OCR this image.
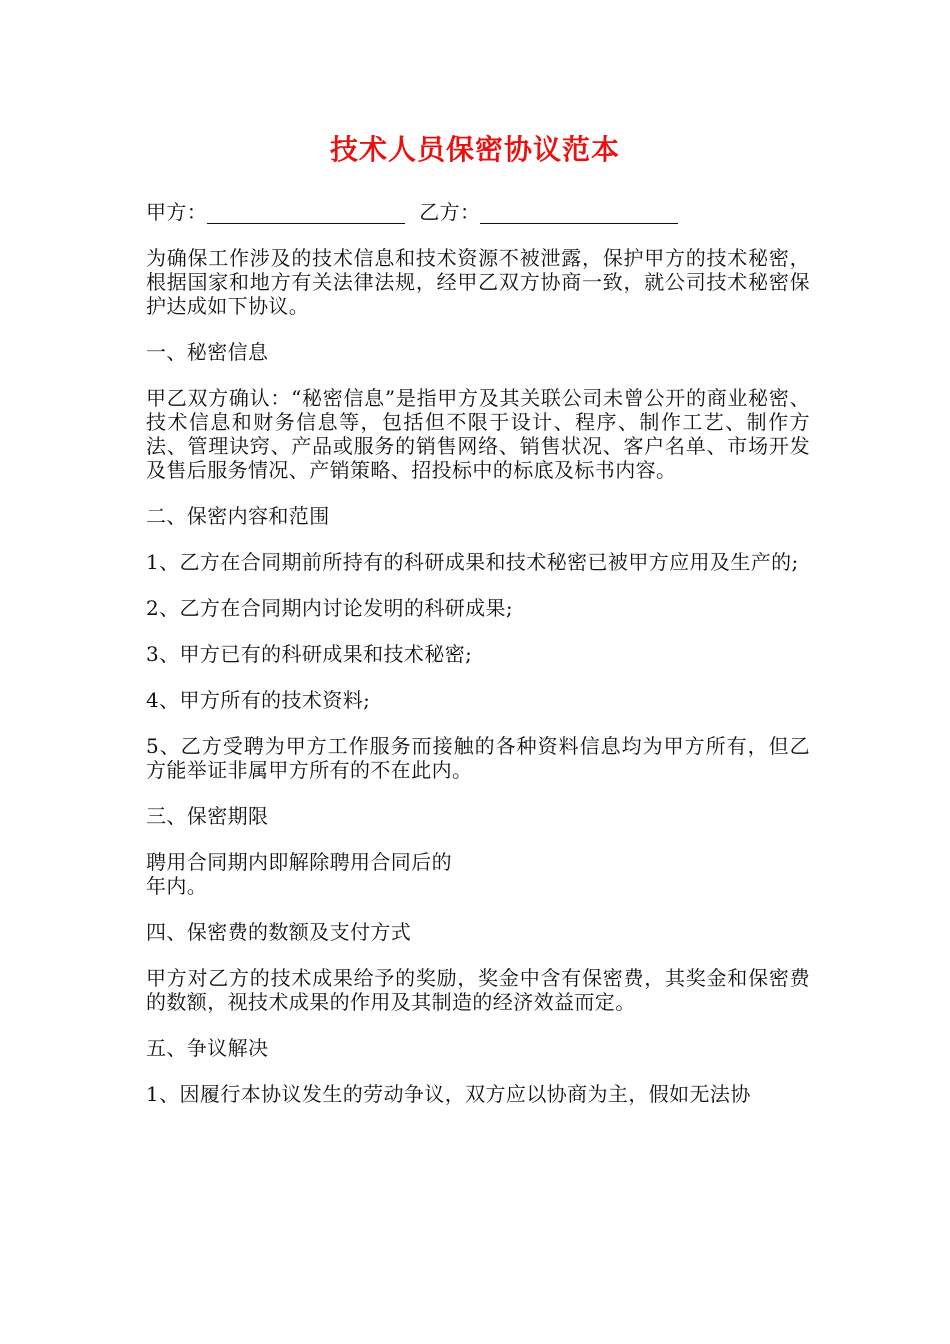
技术人员保密协议范本
甲方：	乙方：

为确保工作涉及的技术信息和技术资源不被泄露，保护甲方的技术秘密，根据国家和地方有关法律法规，经甲乙双方协商一致，就公司技术秘密保护达成如下协议。

一、秘密信息

甲乙双方确认：“秘密信息”是指甲方及其关联公司未曾公开的商业秘密、技术信息和财务信息等，包括但不限于设计、程序、制作工艺、制作方法、管理诀窍、产品或服务的销售网络、销售状况、客户名单、市场开发及售后服务情况、产销策略、招投标中的标底及标书内容。

二、保密内容和范围

1、乙方在合同期前所持有的科研成果和技术秘密已被甲方应用及生产的;

2、乙方在合同期内讨论发明的科研成果;

3、甲方已有的科研成果和技术秘密;

4、甲方所有的技术资料;

5、乙方受聘为甲方工作服务而接触的各种资料信息均为甲方所有，但乙方能举证非属甲方所有的不在此内。

三、保密期限

聘用合同期内即解除聘用合同后的
年内。

四、保密费的数额及支付方式

甲方对乙方的技术成果给予的奖励，奖金中含有保密费，其奖金和保密费的数额，视技术成果的作用及其制造的经济效益而定。

五、争议解决

1、因履行本协议发生的劳动争议，双方应以协商为主，假如无法协
